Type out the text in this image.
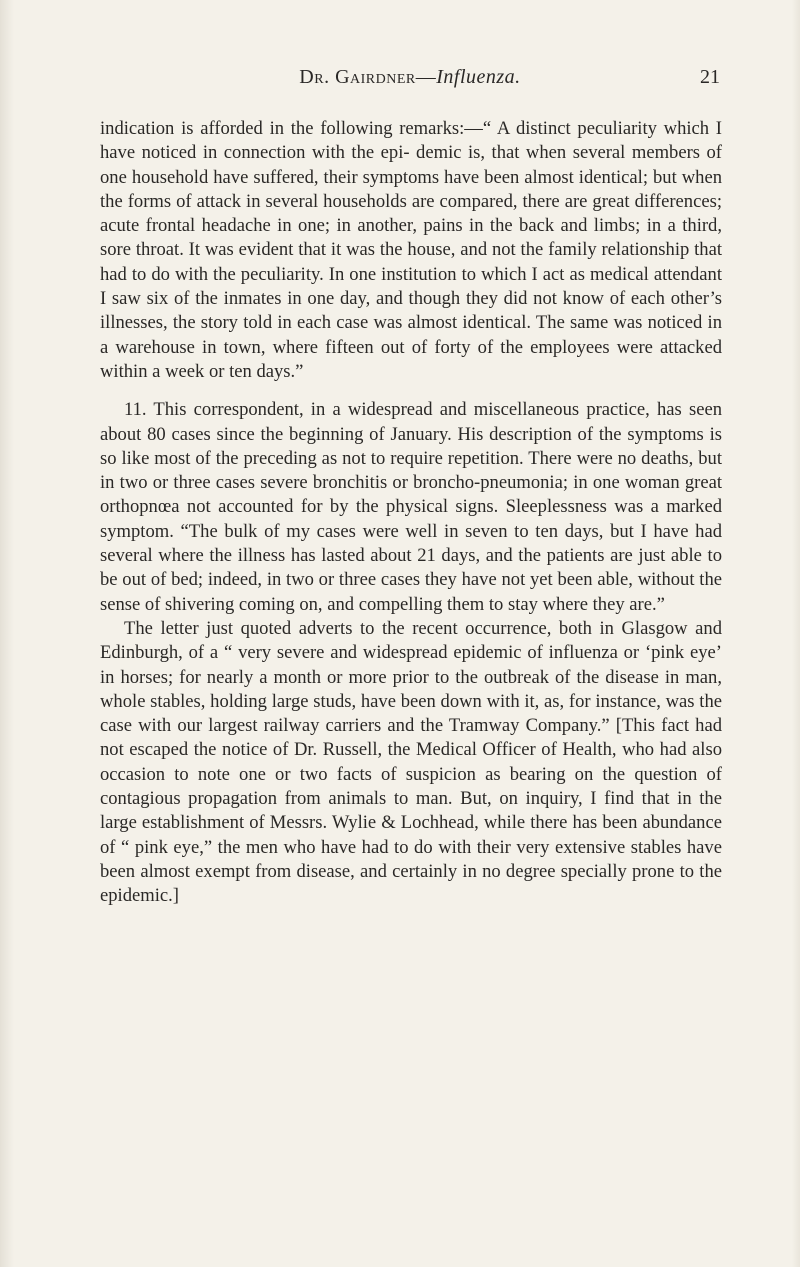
Dr. Gairdner—Influenza.	21

indication is afforded in the following remarks:—“ A distinct peculiarity which I have noticed in connection with the epi- demic is, that when several members of one household have suffered, their symptoms have been almost identical; but when the forms of attack in several households are compared, there are great differences; acute frontal headache in one; in another, pains in the back and limbs; in a third, sore throat. It was evident that it was the house, and not the family relationship that had to do with the peculiarity. In one institution to which I act as medical attendant I saw six of the inmates in one day, and though they did not know of each other’s illnesses, the story told in each case was almost identical. The same was noticed in a warehouse in town, where fifteen out of forty of the employees were attacked within a week or ten days.”

11. This correspondent, in a widespread and miscellaneous practice, has seen about 80 cases since the beginning of January. His description of the symptoms is so like most of the preceding as not to require repetition. There were no deaths, but in two or three cases severe bronchitis or broncho-pneumonia; in one woman great orthopnœa not accounted for by the physical signs. Sleeplessness was a marked symptom. “The bulk of my cases were well in seven to ten days, but I have had several where the illness has lasted about 21 days, and the patients are just able to be out of bed; indeed, in two or three cases they have not yet been able, without the sense of shivering coming on, and compelling them to stay where they are.”

The letter just quoted adverts to the recent occurrence, both in Glasgow and Edinburgh, of a “ very severe and widespread epidemic of influenza or ‘pink eye’ in horses; for nearly a month or more prior to the outbreak of the disease in man, whole stables, holding large studs, have been down with it, as, for instance, was the case with our largest railway carriers and the Tramway Company.” [This fact had not escaped the notice of Dr. Russell, the Medical Officer of Health, who had also occasion to note one or two facts of suspicion as bearing on the question of contagious propagation from animals to man. But, on inquiry, I find that in the large establishment of Messrs. Wylie & Lochhead, while there has been abundance of “ pink eye,” the men who have had to do with their very extensive stables have been almost exempt from disease, and certainly in no degree specially prone to the epidemic.]
